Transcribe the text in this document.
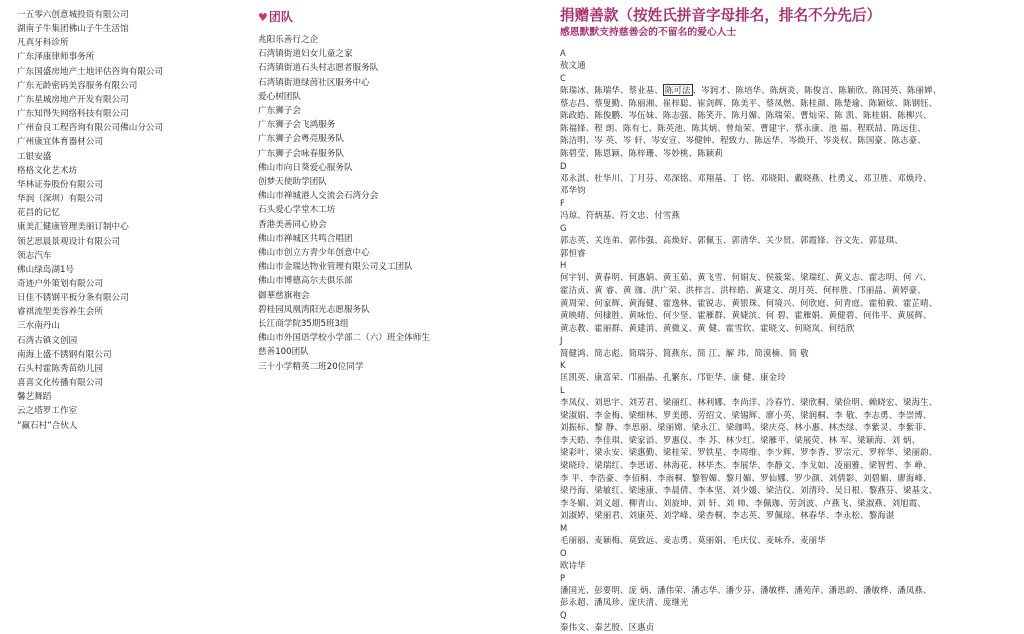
一五零六创意城投资有限公司
湖南子牛集团佛山子牛生活馆
凡真牙科诊所
广东泽康律师事务所
广东国盛房地产土地评估咨询有限公司
广东无龄密码美容服务有限公司
广东星城房地产开发有限公司
广东知得失网络科技有限公司
广州奋良工程咨询有限公司佛山分公司
广州康宜体育器材公司
工银安盛
格格文化艺术坊
华林证券股份有限公司
华润（深圳）有限公司
花昌的记忆
康美汇健康管理美丽订制中心
领艺思晨景观设计有限公司
领志汽车
佛山绿岛湖1号
奇迹户外策划有限公司
日佳不锈钢平板分条有限公司
睿祺流型美容养生会所
三水南丹山
石湾古镇文创园
南海上盛不锈钢有限公司
石头村霍陈秀苗幼儿园
喜喜文化传播有限公司
馨艺舞蹈
云之塔罗工作室
“赢石村”合伙人
♥团队
兆阳乐善行之企
石湾镇街道妇女儿童之家
石湾镇街道石头村志愿者服务队
石湾镇街道绿茵社区服务中心
爱心树团队
广东狮子会
广东狮子会飞鸿服务
广东狮子会粤亮服务队
广东狮子会咏春服务队
佛山市向日葵爱心服务队
创梦天使助学团队
佛山市禅城港人交流会石湾分会
石头爱心学堂木工坊
香港美善同心协会
佛山市禅城区共鸣合唱团
佛山市创立方青少年创意中心
佛山市金瑞达物业管理有限公司义工团队
佛山市博德高尔夫俱乐部
御華慈旗袍会
碧桂园凤凰湾阳光志愿服务队
长江商学院35期5班3组
佛山市外国语学校小学部二（六）班全体师生
慈善100团队
三十小学精英二班20位同学
捐赠善款（按姓氏拼音字母排名，排名不分先后）
感恩默默支持慈善会的不留名的爱心人士
A
敖文通
C
陈瑞冰、陈瑞华、蔡业基、 陈可法 、岑润才、陈培华、陈炳炎、陈俊言、陈颖欣、陈国英、陈丽婵、
蔡志昌、蔡叟勤、陈丽湘、崔梓聪、崔剑辉、陈美平、蔡凤燃、陈桂颜、陈楚瑜、陈颖炫、陈钢钰、
陈政皓、陈俊鹏、岑伍妹、陈志强、陈笑开、陈月媚、陈瑞荣、曹灿荣、陈 凯、陈桂娟、陈柳兴、
陈福锋、程 朗、陈有七、陈英池、陈其炳、曾灿荣、曹建宇、蔡永康、池 福、程联喆、陈远佳、
陈洁明、岑 英、岑 轩、岑安宣、岑健钟、程致力、陈远华、岑焕开、岑炎权、陈国豪、陈志豪、
陈碧莹、陈恩颖、陈梓珊、岑妙桃、陈颖莉
D
邓永淇、杜华川、丁月芬、邓深铭、邓翔基、丁 铭、邓晓阳、戴晓燕、杜勇义、邓卫胜、邓焕玲、
邓华钧
F
冯琼、符炳基、符文忠、付雪燕
G
郭志英、关连弟、郭伟强、高焕好、郭佩玉、郭清华、关少贤、郭霞锋、谷文先、郭显琪、
郭恒睿
H
何宇钊、黄春明、何惠娟、黄玉茹、黄飞雪、何娟友、侯筱棠、梁瑞红、黄义志、霍志明、何 六、
霍洁贞、黄 睿、黄 珈、洪广荣、洪梓言、洪梓皓、黄建文、胡月英、何梓胜、邝丽晶、黄婷豪、
黄周荣、何家辉、黄海健、霍逸林、霍锐志、黄银珠、何境兴、何欣庭、何青庭、霍柏毅、霍芷晴、
黄映晴、何棣胜、黄咏怡、何少坚、霍雁群、黄婕滨、何 碧、霍雁娟、黄健碧、何伟平、黄展辉、
黄志教、霍丽群、黄建消、黄微义、黄 健、霍雪钦、霍晓文、何晓岚、何结欣
J
简健鸿、简志彪、简瑞芬、简燕东、简 江、解 玮、简漠楠、简 敬
K
匡凯英、康富荣、邝丽晶、孔繁东、邝钜华、康 健、康金玲
L
李凤仪、刘思宇、刘芳君、梁丽红、林利娜、李尚洋、冷春竹、梁欣桐、梁俭明、赖晓宏、梁海生、
梁淑娟、李金梅、梁细林、罗美德、劳绍文、梁锡辉、廖小英、梁润桐、李 敬、李志勇、李崇博、
刘振标、黎 静、李思丽、梁丽嫦、梁永江、梁珈鸣、梁庆亮、林小惠、林杰绿、李紫灵、李紫菲、
李天皓、李佳琪、梁家滔、罗惠仪、李 苏、林少红、梁雁平、梁展荧、林 军、梁颖海、刘 炳、
梁彩叶、梁永安、梁惠勤、梁桂荣、罗铁星、李周维、李少辉、罗李香、罗宗元、罗梓华、梁丽韵、
梁晓玲、梁瑞红、李思诺、林海花、林毕杰、李展华、李静文、李戈如、凌丽雅、梁智哲、李 峥、
李 平、李浩豪、李佰桐、李雨桐、黎智媚、黎月媚、罗仙娜、罗少颜、刘倩影、刘碧媚、廖海峰、
梁丹海、梁敏红、梁速康、李晨倩、李本坚、刘少媛、梁洁仪、刘清玲、吴日根、黎燕芬、梁基文、
李冬媚、刘义超、柳青山、刘旋坤、刘 轩、刘 帅、李佩珈、劳剑波、卢燕飞、梁淑燕、刘旭霞、
刘淑婷、梁丽君、刘康英、刘学峰、梁杏桐、李志英、罗佩琼、林春华、李永松、黎海湛
M
毛丽丽、麦颖梅、莫致远、麦志勇、莫丽娟、毛庆仪、麦咏乔、麦丽华
O
欧诗华
P
潘国光、彭要明、庞 炳、潘伟荣、潘志华、潘少芬、潘敏桦、潘苑萍、潘思韵、潘敏桦、潘凤燕、
彭永超、潘凤珍、庞庆清、庞继光
Q
秦伟文、秦艺殷、区惠贞
